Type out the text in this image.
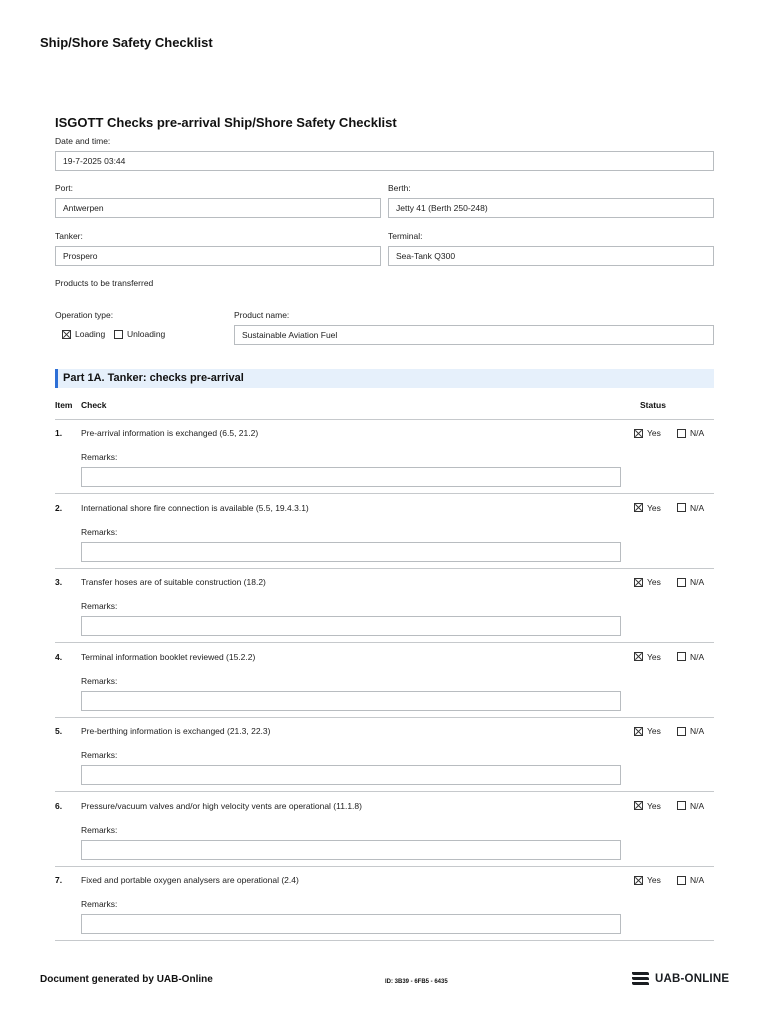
Ship/Shore Safety Checklist
ISGOTT Checks pre-arrival Ship/Shore Safety Checklist
Date and time:
19-7-2025 03:44
Port:
Antwerpen
Berth:
Jetty 41 (Berth 250-248)
Tanker:
Prospero
Terminal:
Sea-Tank Q300
Products to be transferred
Operation type:
Loading	Unloading
Product name:
Sustainable Aviation Fuel
Part 1A. Tanker: checks pre-arrival
Item Check	Status
1. Pre-arrival information is exchanged (6.5, 21.2)	Yes	N/A
Remarks:
2. International shore fire connection is available (5.5, 19.4.3.1)	Yes	N/A
Remarks:
3. Transfer hoses are of suitable construction (18.2)	Yes	N/A
Remarks:
4. Terminal information booklet reviewed (15.2.2)	Yes	N/A
Remarks:
5. Pre-berthing information is exchanged (21.3, 22.3)	Yes	N/A
Remarks:
6. Pressure/vacuum valves and/or high velocity vents are operational (11.1.8)	Yes	N/A
Remarks:
7. Fixed and portable oxygen analysers are operational (2.4)	Yes	N/A
Remarks:
Document generated by UAB-Online	ID: 3B39 - 6FB5 - 6435	UAB-ONLINE
